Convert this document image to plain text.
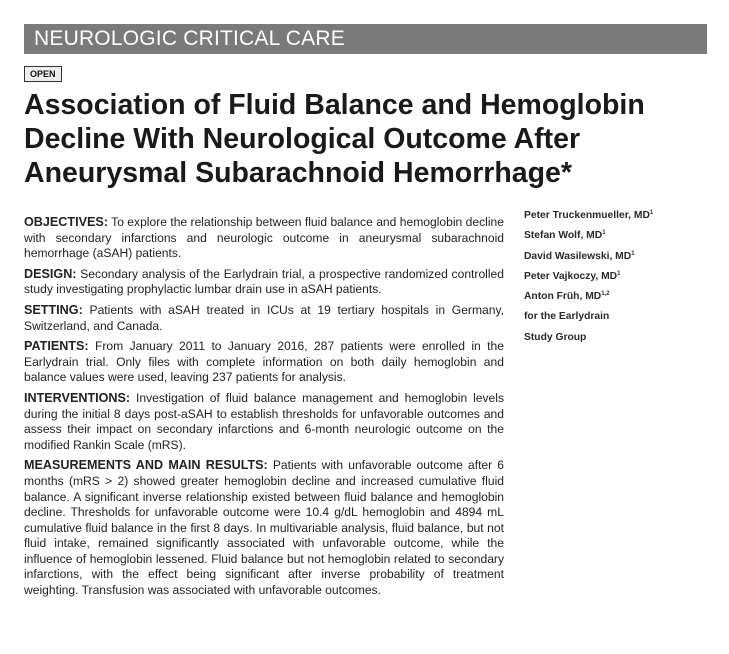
NEUROLOGIC CRITICAL CARE
OPEN
Association of Fluid Balance and Hemoglobin
Decline With Neurological Outcome After
Aneurysmal Subarachnoid Hemorrhage*

OBJECTIVES: To explore the relationship between fluid balance and hemoglobin decline with secondary infarctions and neurologic outcome in aneurysmal subarachnoid hemorrhage (aSAH) patients.

DESIGN: Secondary analysis of the Earlydrain trial, a prospective randomized controlled study investigating prophylactic lumbar drain use in aSAH patients.

SETTING: Patients with aSAH treated in ICUs at 19 tertiary hospitals in Germany, Switzerland, and Canada.

PATIENTS: From January 2011 to January 2016, 287 patients were enrolled in the Earlydrain trial. Only files with complete information on both daily hemoglobin and balance values were used, leaving 237 patients for analysis.

INTERVENTIONS: Investigation of fluid balance management and hemoglobin levels during the initial 8 days post-aSAH to establish thresholds for unfavorable outcomes and assess their impact on secondary infarctions and 6-month neurologic outcome on the modified Rankin Scale (mRS).

MEASUREMENTS AND MAIN RESULTS: Patients with unfavorable outcome after 6 months (mRS > 2) showed greater hemoglobin decline and increased cumulative fluid balance. A significant inverse relationship existed between fluid balance and hemoglobin decline. Thresholds for unfavorable outcome were 10.4 g/dL hemoglobin and 4894 mL cumulative fluid balance in the first 8 days. In multivariable analysis, fluid balance, but not fluid intake, remained significantly associated with unfavorable outcome, while the influence of hemoglobin lessened. Fluid balance but not hemoglobin related to secondary infarctions, with the effect being significant after inverse probability of treatment weighting. Transfusion was associated with unfavorable outcomes.

Peter Truckenmueller, $MD^1$
Stefan Wolf, $MD^1$
David Wasilewski, $MD^1$
Peter Vajkoczy, $MD^1$
Anton Früh, MD$^{1,2}$
for the Earlydrain
Study Group
